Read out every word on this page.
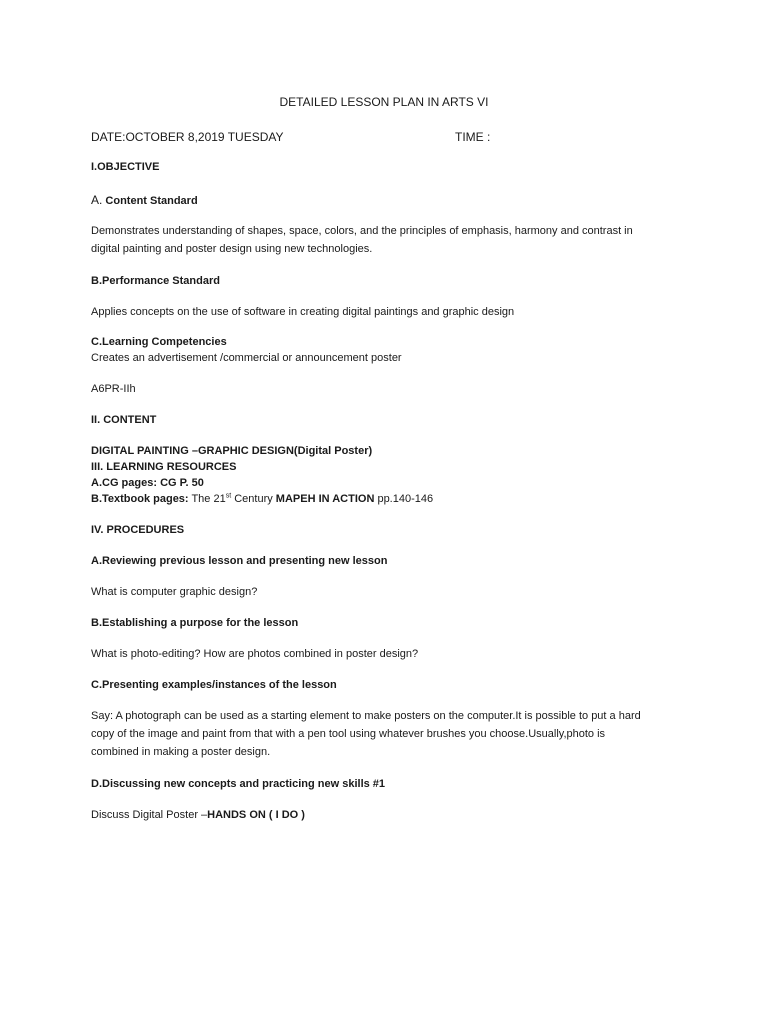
DETAILED LESSON PLAN IN ARTS VI
DATE:OCTOBER 8,2019 TUESDAY	TIME :
I.OBJECTIVE
A. Content Standard
Demonstrates understanding of shapes, space, colors, and the principles of emphasis, harmony and contrast in
digital painting and poster design using new technologies.
B.Performance Standard
Applies concepts on the use of software in creating digital paintings and graphic design
C.Learning Competencies
Creates an advertisement /commercial or announcement poster
A6PR-IIh
II. CONTENT
DIGITAL PAINTING –GRAPHIC DESIGN(Digital Poster)
III. LEARNING RESOURCES
A.CG pages: CG P. 50
B.Textbook pages: The 21st Century MAPEH IN ACTION pp.140-146
IV. PROCEDURES
A.Reviewing previous lesson and presenting new lesson
What is computer graphic design?
B.Establishing a purpose for the lesson
What is photo-editing? How are photos combined in poster design?
C.Presenting examples/instances of the lesson
Say: A photograph can be used as a starting element to make posters on the computer.It is possible to put a hard
copy of the image and paint from that with a pen tool using whatever brushes you choose.Usually,photo is
combined in making a poster design.
D.Discussing new concepts and practicing new skills #1
Discuss Digital Poster –HANDS ON ( I DO )
